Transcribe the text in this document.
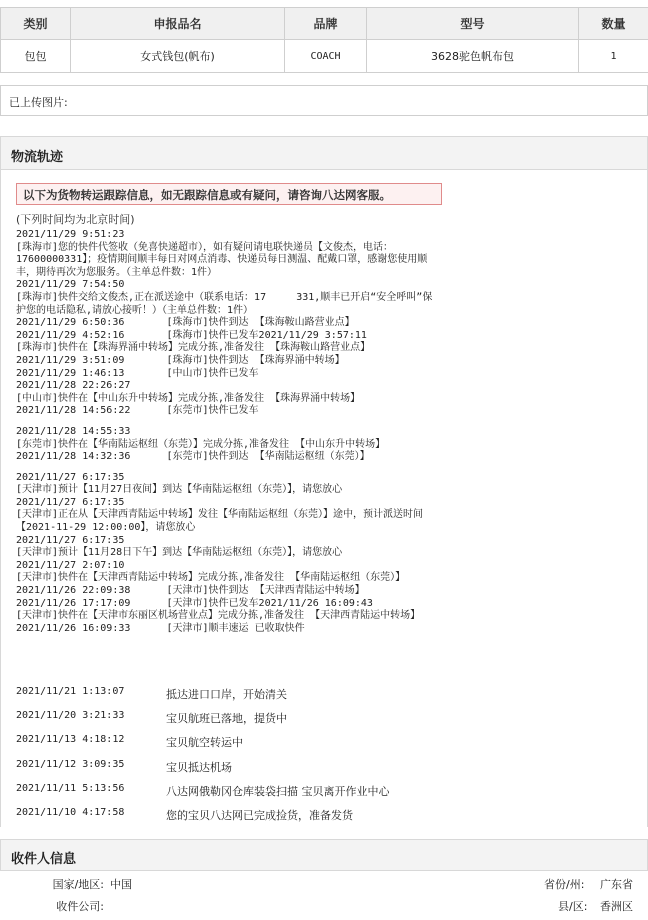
类别	申报品名	品牌	型号	数量
包包	女式钱包(帆布)	COACH	3628驼色帆布包	1
已上传图片:
物流轨迹
以下为货物转运跟踪信息，如无跟踪信息或有疑问，请咨询八达网客服。
(下列时间均为北京时间)
2021/11/29 9:51:23
[珠海市]您的快件代签收（免喜快递超市），如有疑问请电联快递员【文俊杰，电话：
17600000331】；疫情期间顺丰每日对网点消毒、快递员每日测温、配戴口罩，感谢您使用顺
丰，期待再次为您服务。（主单总件数：1件）
2021/11/29 7:54:50
[珠海市]快件交给文俊杰,正在派送途中（联系电话：17     331,顺丰已开启“安全呼叫”保
护您的电话隐私,请放心接听！）（主单总件数：1件）
2021/11/29 6:50:36       [珠海市]快件到达 【珠海鞍山路营业点】
2021/11/29 4:52:16       [珠海市]快件已发车2021/11/29 3:57:11
[珠海市]快件在【珠海界涌中转场】完成分拣,准备发往 【珠海鞍山路营业点】
2021/11/29 3:51:09       [珠海市]快件到达 【珠海界涌中转场】
2021/11/29 1:46:13       [中山市]快件已发车
2021/11/28 22:26:27
[中山市]快件在【中山东升中转场】完成分拣,准备发往 【珠海界涌中转场】
2021/11/28 14:56:22      [东莞市]快件已发车
2021/11/28 14:55:33
[东莞市]快件在【华南陆运枢纽（东莞）】完成分拣,准备发往 【中山东升中转场】
2021/11/28 14:32:36      [东莞市]快件到达 【华南陆运枢纽（东莞）】
2021/11/27 6:17:35
[天津市]预计【11月27日夜间】到达【华南陆运枢纽（东莞）】，请您放心
2021/11/27 6:17:35
[天津市]正在从【天津西青陆运中转场】发往【华南陆运枢纽（东莞）】途中，预计派送时间
【2021-11-29 12:00:00】，请您放心
2021/11/27 6:17:35
[天津市]预计【11月28日下午】到达【华南陆运枢纽（东莞）】，请您放心
2021/11/27 2:07:10
[天津市]快件在【天津西青陆运中转场】完成分拣,准备发往 【华南陆运枢纽（东莞）】
2021/11/26 22:09:38      [天津市]快件到达 【天津西青陆运中转场】
2021/11/26 17:17:09      [天津市]快件已发车2021/11/26 16:09:43
[天津市]快件在【天津市东丽区机场营业点】完成分拣,准备发往 【天津西青陆运中转场】
2021/11/26 16:09:33      [天津市]顺丰速运 已收取快件
2021/11/21 1:13:07	抵达进口口岸，开始清关
2021/11/20 3:21:33	宝贝航班已落地，提货中
2021/11/13 4:18:12	宝贝航空转运中
2021/11/12 3:09:35	宝贝抵达机场
2021/11/11 5:13:56	八达网俄勒冈仓库装袋扫描 宝贝离开作业中心
2021/11/10 4:17:58	您的宝贝八达网已完成捡货，准备发货
收件人信息
国家/地区: 中国	省份/州: 广东省
收件公司:	县/区: 香洲区
